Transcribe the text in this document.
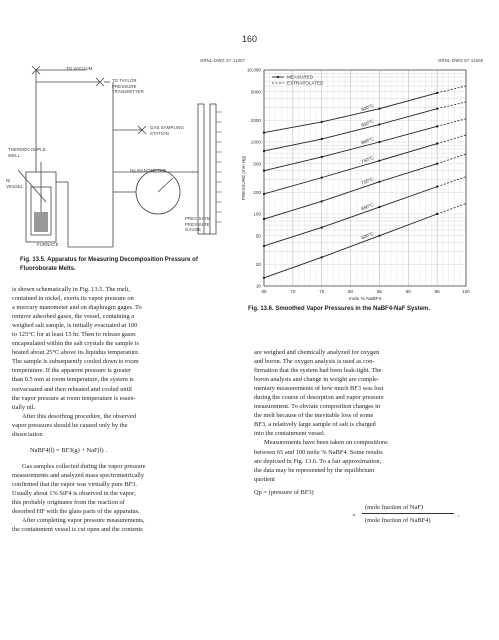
160
ORNL-DWG 67-11007
TO VACUUM
TO TAYLOR PRESSURE TRANSMITTER
GAS SAMPLING STATION
Hg MANOMETER
THERMOCOUPLE WELL
Ni VESSEL
PRECISION PRESSURE GAUGE
FURNACE
Fig. 13.5. Apparatus for Measuring Decomposition Pressure of Fluoroborate Melts.
ORNL-DWG 67-11608
10
20
50
100
200
500
1000
2000
5000
10,000
65	70	75	80	85	90	95	100
mole % NaBF4
PRESSURE (mm Hg)
900°C
850°C
800°C
750°C
700°C
650°C
600°C
MEASURED
EXTRAPOLATED
Fig. 13.6. Smoothed Vapor Pressures in the NaBF4-NaF System.

is shown schematically in Fig. 13.5. The melt,

contained in nickel, exerts its vapor pressure on

a mercury manometer and on diaphragm gages. To

remove adsorbed gases, the vessel, containing a

weighed salt sample, is initially evacuated at 100

to 125°C for at least 15 hr. Then to release gases

encapsulated within the salt crystals the sample is

heated about 25°C above its liquidus temperature.

The sample is subsequently cooled down to room

temperature. If the apparent pressure is greater

than 0.5 mm at room temperature, the system is

reevacuated and then reheated and cooled until

the vapor pressure at room temperature is essen-

tially nil.

After this desorbing procedure, the observed

vapor pressures should be caused only by the

dissociation

NaBF4(l) = BF3(g) + NaF(l) .

Gas samples collected during the vapor pressure

measurements and analyzed mass spectrometrically

confirmed that the vapor was virtually pure BF3.

Usually about 1% SiF4 is observed in the vapor;

this probably originates from the reaction of

desorbed HF with the glass parts of the apparatus.

After completing vapor pressure measurements,

the containment vessel is cut open and the contents

are weighed and chemically analyzed for oxygen

and boron. The oxygen analysis is used as con-

firmation that the system had been leak-tight. The

boron analysis and change in weight are comple-

mentary measurements of how much BF3 was lost

during the course of desorption and vapor pressure

measurement. To obviate composition changes in

the melt because of the inevitable loss of some

BF3, a relatively large sample of salt is charged

into the containment vessel.

Measurements have been taken on compositions

between 65 and 100 mole % NaBF4. Some results

are depicted in Fig. 13.6. To a fair approximation,

the data may be represented by the equilibrium

quotient

Qp = (pressure of BF3)
(mole fraction of NaF)
×
(mole fraction of NaBF4)
,
